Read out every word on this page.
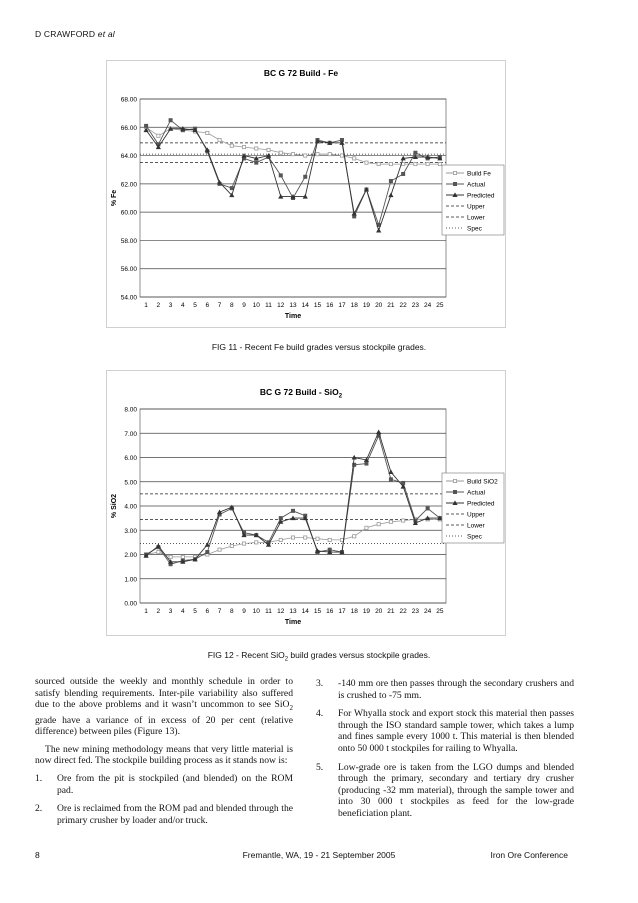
D CRAWFORD et al
BC G 72 Build - Fe
54.00
56.00
58.00
60.00
62.00
64.00
66.00
68.00
1 2 3 4 5 6 7 8 9 10 11 12 13 14 15 16 17 18 19 20 21 22 23 24 25
Time
% Fe
Build Fe
Actual
Predicted
Upper
Lower
Spec
FIG 11 - Recent Fe build grades versus stockpile grades.
BC G 72 Build - SiO$_2$
0.00
1.00
2.00
3.00
4.00
5.00
6.00
7.00
8.00
1 2 3 4 5 6 7 8 9 10 11 12 13 14 15 16 17 18 19 20 21 22 23 24 25
Time
% SiO2
Build SiO2
Actual
Predicted
Upper
Lower
Spec
FIG 12 - Recent SiO$_2$ build grades versus stockpile grades.

sourced outside the weekly and monthly schedule in order to satisfy blending requirements. Inter-pile variability also suffered due to the above problems and it wasn’t uncommon to see SiO$_2$ grade have a variance of in excess of 20 per cent (relative difference) between piles (Figure 13).

The new mining methodology means that very little material is now direct fed. The stockpile building process as it stands now is:

1.	Ore from the pit is stockpiled (and blended) on the ROM pad.
2.	Ore is reclaimed from the ROM pad and blended through the primary crusher by loader and/or truck.
3.	-140 mm ore then passes through the secondary crushers and is crushed to -75 mm.
4.	For Whyalla stock and export stock this material then passes through the ISO standard sample tower, which takes a lump and fines sample every 1000 t. This material is then blended onto 50 000 t stockpiles for railing to Whyalla.
5.	Low-grade ore is taken from the LGO dumps and blended through the primary, secondary and tertiary dry crusher (producing -32 mm material), through the sample tower and into 30 000 t stockpiles as feed for the low-grade beneficiation plant.
8	Fremantle, WA, 19 - 21 September 2005	Iron Ore Conference
